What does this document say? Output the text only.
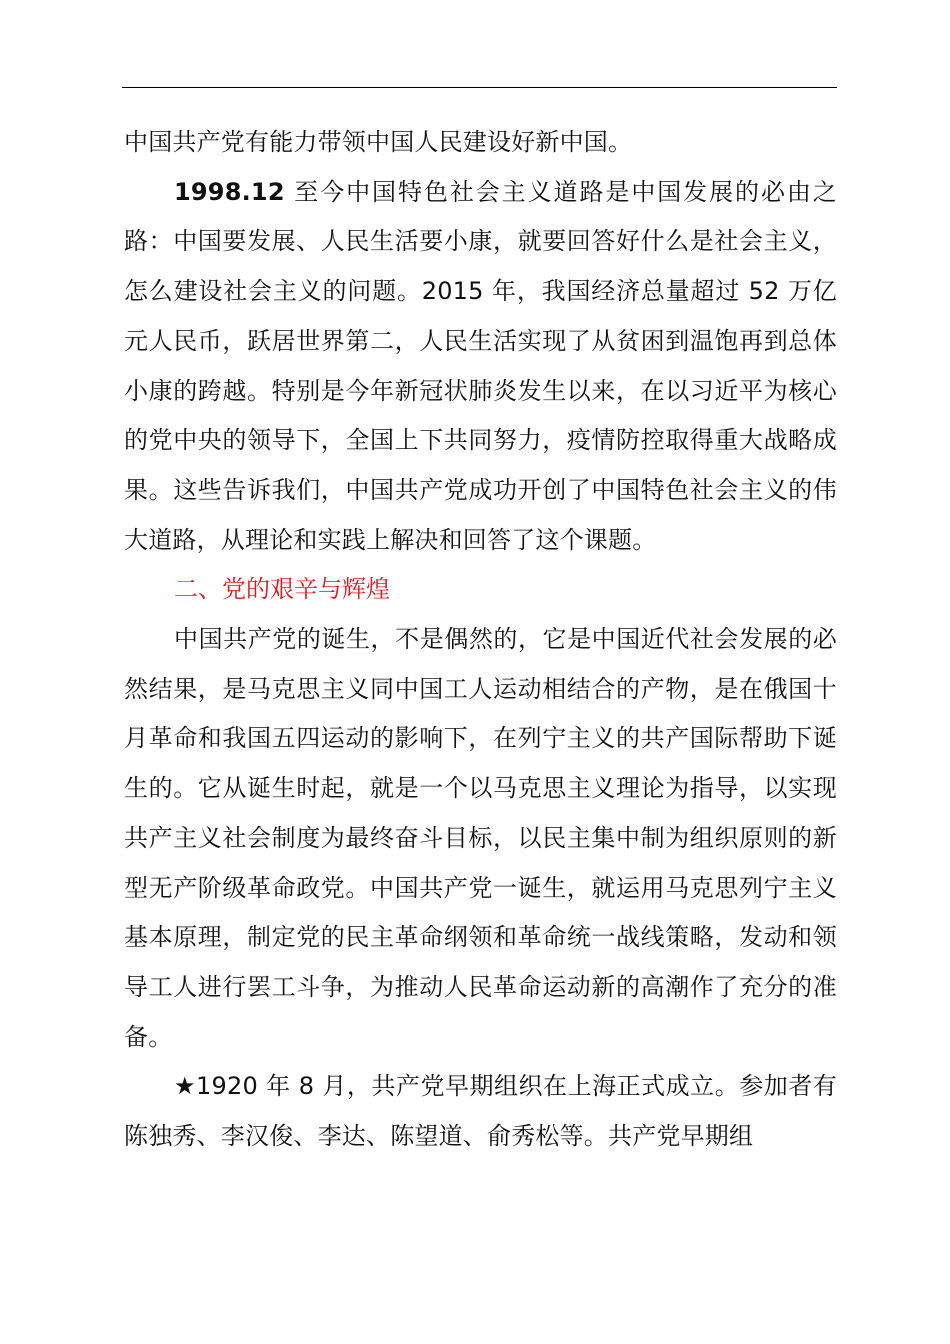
中国共产党有能力带领中国人民建设好新中国。

1998.12 至今中国特色社会主义道路是中国发展的必由之路：中国要发展、人民生活要小康，就要回答好什么是社会主义，怎么建设社会主义的问题。2015 年，我国经济总量超过 52 万亿元人民币，跃居世界第二，人民生活实现了从贫困到温饱再到总体小康的跨越。特别是今年新冠状肺炎发生以来，在以习近平为核心的党中央的领导下，全国上下共同努力，疫情防控取得重大战略成果。这些告诉我们，中国共产党成功开创了中国特色社会主义的伟大道路，从理论和实践上解决和回答了这个课题。

二、党的艰辛与辉煌

中国共产党的诞生，不是偶然的，它是中国近代社会发展的必然结果，是马克思主义同中国工人运动相结合的产物，是在俄国十月革命和我国五四运动的影响下，在列宁主义的共产国际帮助下诞生的。它从诞生时起，就是一个以马克思主义理论为指导，以实现共产主义社会制度为最终奋斗目标，以民主集中制为组织原则的新型无产阶级革命政党。中国共产党一诞生，就运用马克思列宁主义基本原理，制定党的民主革命纲领和革命统一战线策略，发动和领导工人进行罢工斗争，为推动人民革命运动新的高潮作了充分的准备。

★1920 年 8 月，共产党早期组织在上海正式成立。参加者有陈独秀、李汉俊、李达、陈望道、俞秀松等。共产党早期组
